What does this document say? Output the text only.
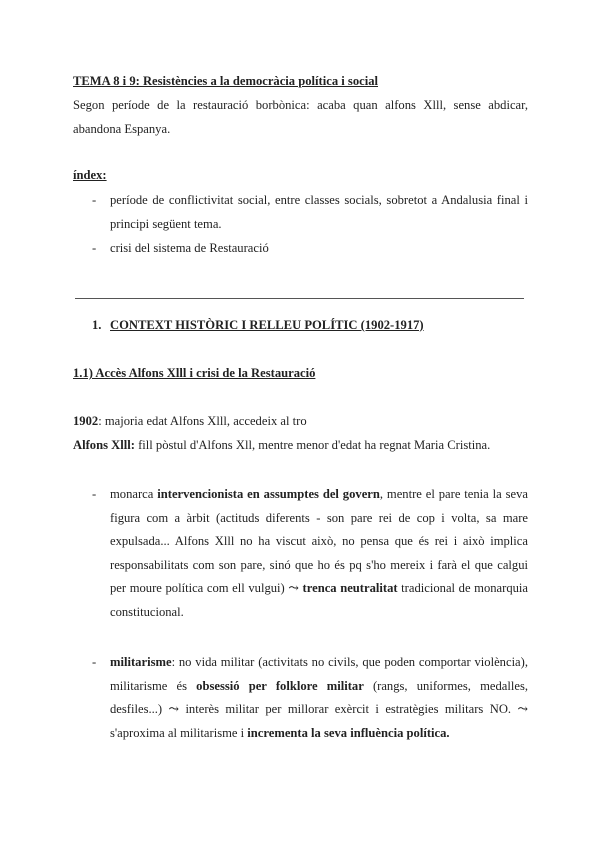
TEMA 8 i 9: Resistències a la democràcia política i social
Segon període de la restauració borbònica: acaba quan alfons Xlll, sense abdicar, abandona Espanya.
índex:
- període de conflictivitat social, entre classes socials, sobretot a Andalusia final i principi següent tema.
- crisi del sistema de Restauració
1. CONTEXT HISTÒRIC I RELLEU POLÍTIC (1902-1917)
1.1) Accès Alfons Xlll i crisi de la Restauració
1902: majoria edat Alfons Xlll, accedeix al tro
Alfons Xlll: fill pòstul d'Alfons Xll, mentre menor d'edat ha regnat Maria Cristina.
- monarca intervencionista en assumptes del govern, mentre el pare tenia la seva figura com a àrbit (actituds diferents - son pare rei de cop i volta, sa mare expulsada... Alfons Xlll no ha viscut això, no pensa que és rei i això implica responsabilitats com son pare, sinó que ho és pq s'ho mereix i farà el que calgui per moure política com ell vulgui) ⤳ trenca neutralitat tradicional de monarquia constitucional.
- militarisme: no vida militar (activitats no civils, que poden comportar violència), militarisme és obsessió per folklore militar (rangs, uniformes, medalles, desfiles...) ⤳ interès militar per millorar exèrcit i estratègies militars NO. ⤳ s'aproxima al militarisme i incrementa la seva influència política.
